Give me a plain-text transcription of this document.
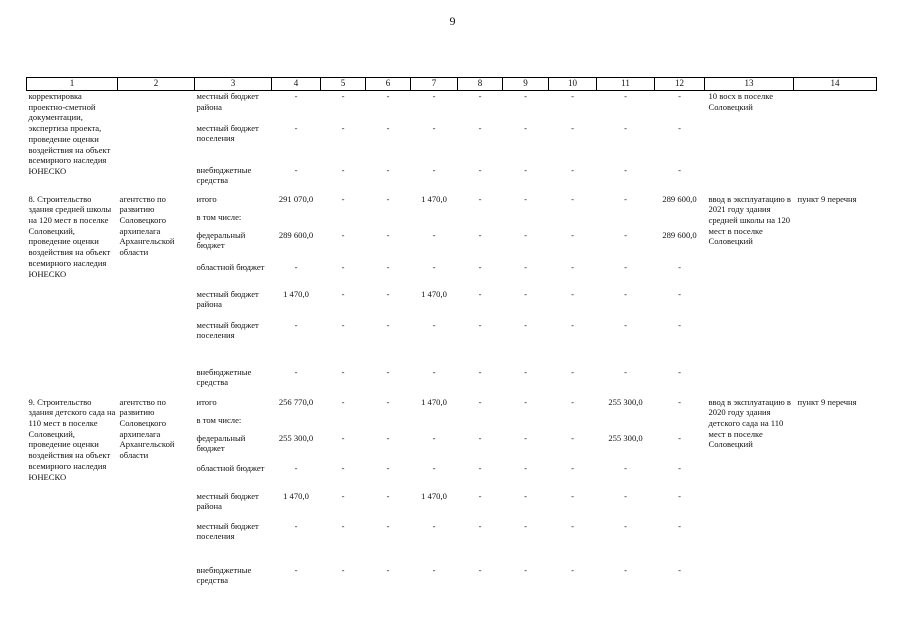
9
1	2	3	4	5	6	7	8	9	10	11	12	13	14
корректировка проектно-сметной документации, экспертиза проекта, проведение оценки воздействия на объект всемирного наследия ЮНЕСКО		местный бюджет района	-	-	-	-	-	-	-	-	-	10 восх в поселке Соловецкий	
		местный бюджет поселения	-	-	-	-	-	-	-	-	-		
		внебюджетные средства	-	-	-	-	-	-	-	-	-		
8. Строительство здания средней школы на 120 мест в поселке Соловецкий, проведение оценки воздействия на объект всемирного наследия ЮНЕСКО	агентство по развитию Соловецкого архипелага Архангельской области	итого	291 070,0	-	-	1 470,0	-	-	-	-	289 600,0	ввод в эксплуатацию в 2021 году здания средней школы на 120 мест в поселке Соловецкий	пункт 9 перечня
		в том числе:											
		федеральный бюджет	289 600,0	-	-	-	-	-	-	-	289 600,0		
		областной бюджет	-	-	-	-	-	-	-	-	-		
		местный бюджет района	1 470,0	-	-	1 470,0	-	-	-	-	-		
		местный бюджет поселения	-	-	-	-	-	-	-	-	-		
		внебюджетные средства	-	-	-	-	-	-	-	-	-		
9. Строительство здания детского сада на 110 мест в поселке Соловецкий, проведение оценки воздействия на объект всемирного наследия ЮНЕСКО	агентство по развитию Соловецкого архипелага Архангельской области	итого	256 770,0	-	-	1 470,0	-	-	-	255 300,0	-	ввод в эксплуатацию в 2020 году здания детского сада на 110 мест в поселке Соловецкий	пункт 9 перечня
		в том числе:											
		федеральный бюджет	255 300,0	-	-	-	-	-	-	255 300,0	-		
		областной бюджет	-	-	-	-	-	-	-	-	-		
		местный бюджет района	1 470,0	-	-	1 470,0	-	-	-	-	-		
		местный бюджет поселения	-	-	-	-	-	-	-	-	-		
		внебюджетные средства	-	-	-	-	-	-	-	-	-		
